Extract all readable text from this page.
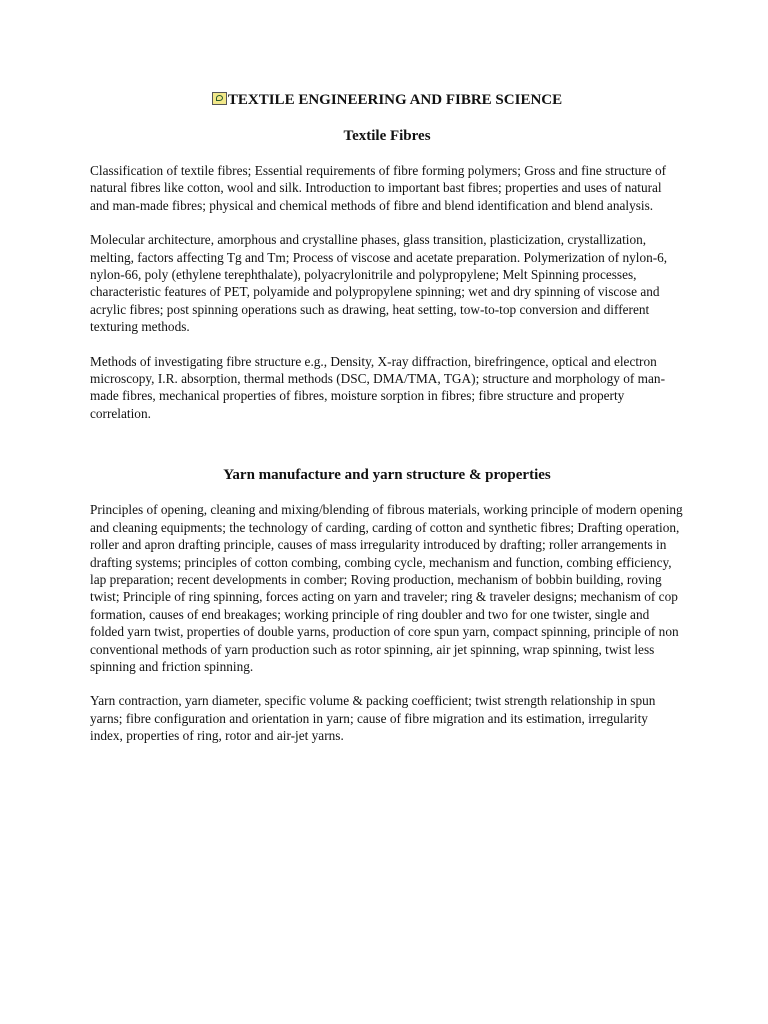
TEXTILE ENGINEERING AND FIBRE SCIENCE
Textile Fibres

Classification of textile fibres; Essential requirements of fibre forming polymers; Gross and fine structure of natural fibres like cotton, wool and silk. Introduction to important bast fibres; properties and uses of natural and man-made fibres; physical and chemical methods of fibre and blend identification and blend analysis.

Molecular architecture, amorphous and crystalline phases, glass transition, plasticization, crystallization, melting, factors affecting Tg and Tm; Process of viscose and acetate preparation. Polymerization of nylon-6, nylon-66, poly (ethylene terephthalate), polyacrylonitrile and polypropylene; Melt Spinning processes, characteristic features of PET, polyamide and polypropylene spinning; wet and dry spinning of viscose and acrylic fibres; post spinning operations such as drawing, heat setting, tow-to-top conversion and different texturing methods.

Methods of investigating fibre structure e.g., Density, X-ray diffraction, birefringence, optical and electron microscopy, I.R. absorption, thermal methods (DSC, DMA/TMA, TGA); structure and morphology of man-made fibres, mechanical properties of fibres, moisture sorption in fibres; fibre structure and property correlation.

Yarn manufacture and yarn structure & properties

Principles of opening, cleaning and mixing/blending of fibrous materials, working principle of modern opening and cleaning equipments; the technology of carding, carding of cotton and synthetic fibres; Drafting operation, roller and apron drafting principle, causes of mass irregularity introduced by drafting; roller arrangements in drafting systems; principles of cotton combing, combing cycle, mechanism and function, combing efficiency, lap preparation; recent developments in comber; Roving production, mechanism of bobbin building, roving twist; Principle of ring spinning, forces acting on yarn and traveler; ring & traveler designs; mechanism of cop formation, causes of end breakages; working principle of ring doubler and two for one twister, single and folded yarn twist, properties of double yarns, production of core spun yarn, compact spinning, principle of non conventional methods of yarn production such as rotor spinning, air jet spinning, wrap spinning, twist less spinning and friction spinning.

Yarn contraction, yarn diameter, specific volume & packing coefficient; twist strength relationship in spun yarns; fibre configuration and orientation in yarn; cause of fibre migration and its estimation, irregularity index, properties of ring, rotor and air-jet yarns.
